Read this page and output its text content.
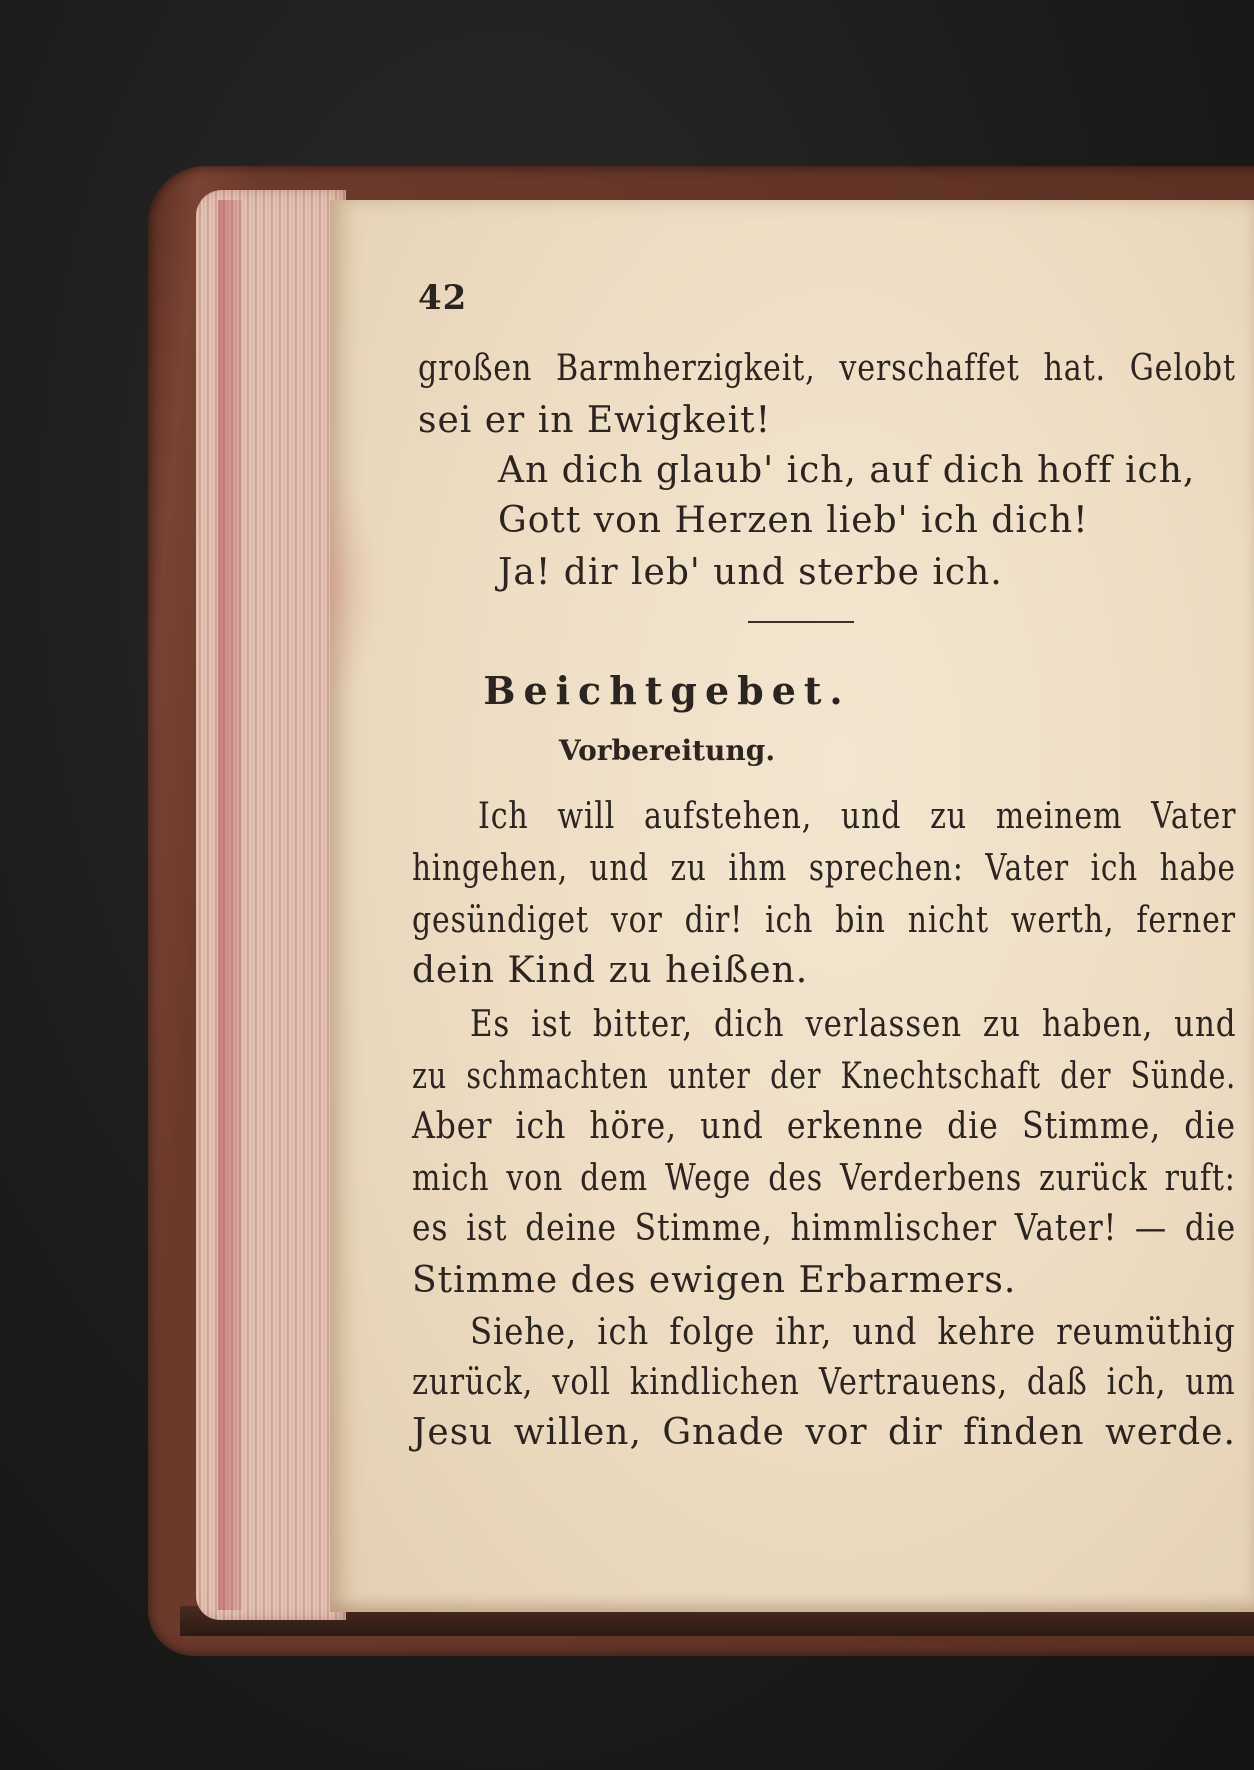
42
großen Barmherzigkeit, verschaffet hat. Gelobt
sei er in Ewigkeit!
An dich glaub' ich, auf dich hoff ich,
Gott von Herzen lieb' ich dich!
Ja! dir leb' und sterbe ich.
Beichtgebet.
Vorbereitung.
Ich will aufstehen, und zu meinem Vater
hingehen, und zu ihm sprechen: Vater ich habe
gesündiget vor dir! ich bin nicht werth, ferner
dein Kind zu heißen.
Es ist bitter, dich verlassen zu haben, und
zu schmachten unter der Knechtschaft der Sünde.
Aber ich höre, und erkenne die Stimme, die
mich von dem Wege des Verderbens zurück ruft:
es ist deine Stimme, himmlischer Vater! — die
Stimme des ewigen Erbarmers.
Siehe, ich folge ihr, und kehre reumüthig
zurück, voll kindlichen Vertrauens, daß ich, um
Jesu willen, Gnade vor dir finden werde.
